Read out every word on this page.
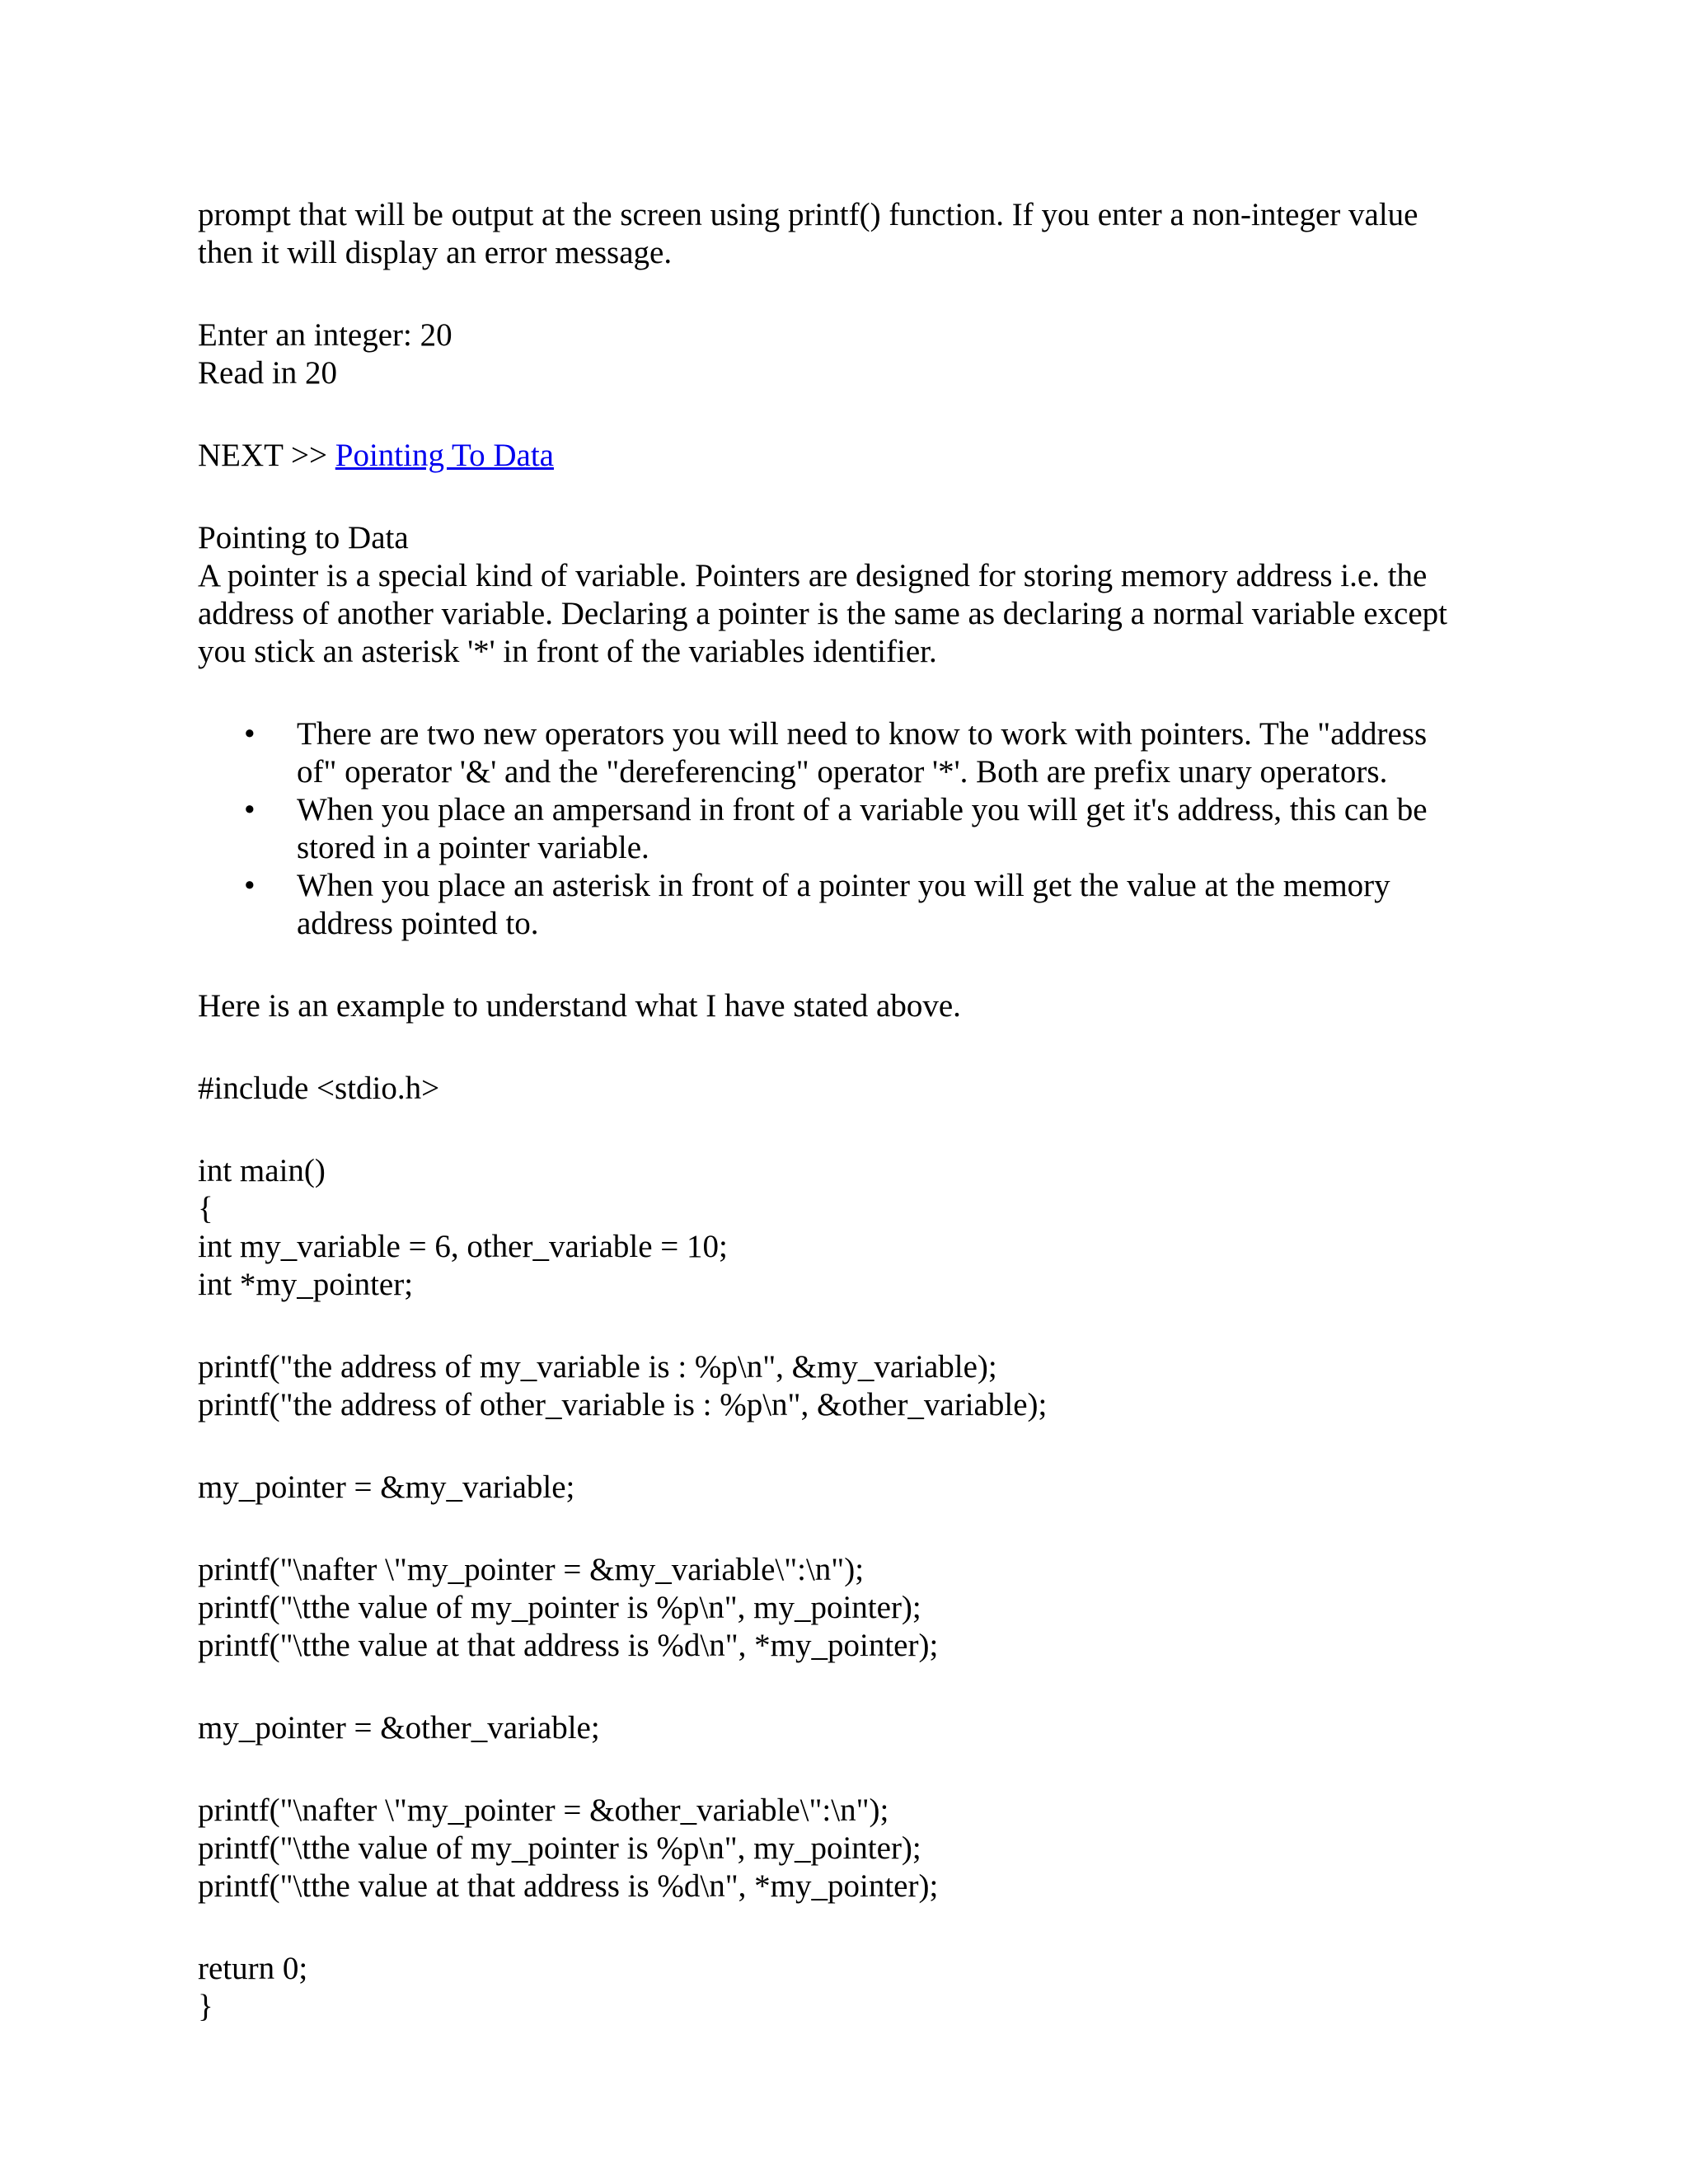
prompt that will be output at the screen using printf() function. If you enter a non-integer value

then it will display an error message.

Enter an integer: 20

Read in 20

NEXT >> Pointing To Data

Pointing to Data

A pointer is a special kind of variable. Pointers are designed for storing memory address i.e. the

address of another variable. Declaring a pointer is the same as declaring a normal variable except

you stick an asterisk '*' in front of the variables identifier.

• There are two new operators you will need to know to work with pointers. The "address

of" operator '&' and the "dereferencing" operator '*'. Both are prefix unary operators.

• When you place an ampersand in front of a variable you will get it's address, this can be

stored in a pointer variable.

• When you place an asterisk in front of a pointer you will get the value at the memory

address pointed to.

Here is an example to understand what I have stated above.

#include <stdio.h>

int main()

{

int my_variable = 6, other_variable = 10;

int *my_pointer;

printf("the address of my_variable is : %p\n", &my_variable);

printf("the address of other_variable is : %p\n", &other_variable);

my_pointer = &my_variable;

printf("\nafter \"my_pointer = &my_variable\":\n");

printf("\tthe value of my_pointer is %p\n", my_pointer);

printf("\tthe value at that address is %d\n", *my_pointer);

my_pointer = &other_variable;

printf("\nafter \"my_pointer = &other_variable\":\n");

printf("\tthe value of my_pointer is %p\n", my_pointer);

printf("\tthe value at that address is %d\n", *my_pointer);

return 0;

}
